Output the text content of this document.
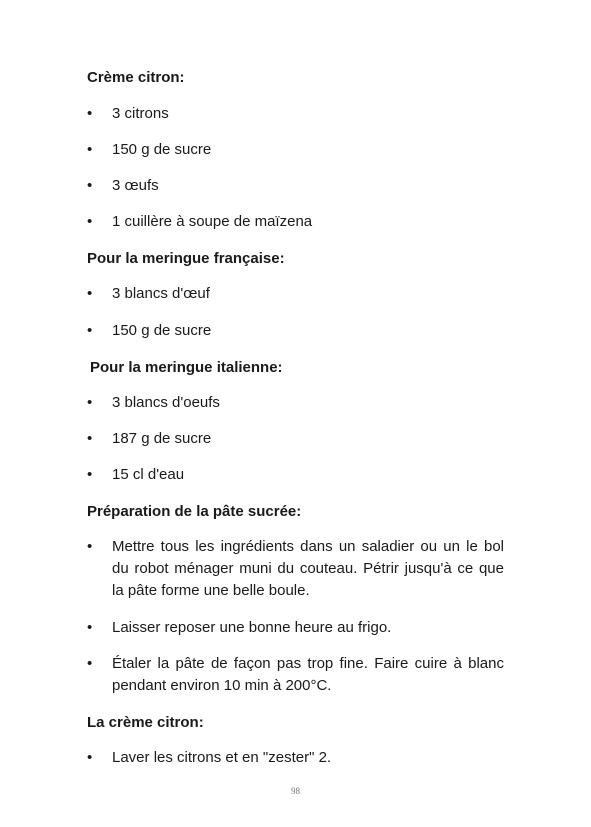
Crème citron:
• 3 citrons
• 150 g de sucre
• 3 œufs
• 1 cuillère à soupe de maïzena
Pour la meringue française:
• 3 blancs d'œuf
• 150 g de sucre
Pour la meringue italienne:
• 3 blancs d'oeufs
• 187 g de sucre
• 15 cl d'eau
Préparation de la pâte sucrée:
• Mettre tous les ingrédients dans un saladier ou un le bol du robot ménager muni du couteau. Pétrir jusqu'à ce que la pâte forme une belle boule.
• Laisser reposer une bonne heure au frigo.
• Étaler la pâte de façon pas trop fine. Faire cuire à blanc pendant environ 10 min à 200°C.
La crème citron:
• Laver les citrons et en "zester" 2.
98
